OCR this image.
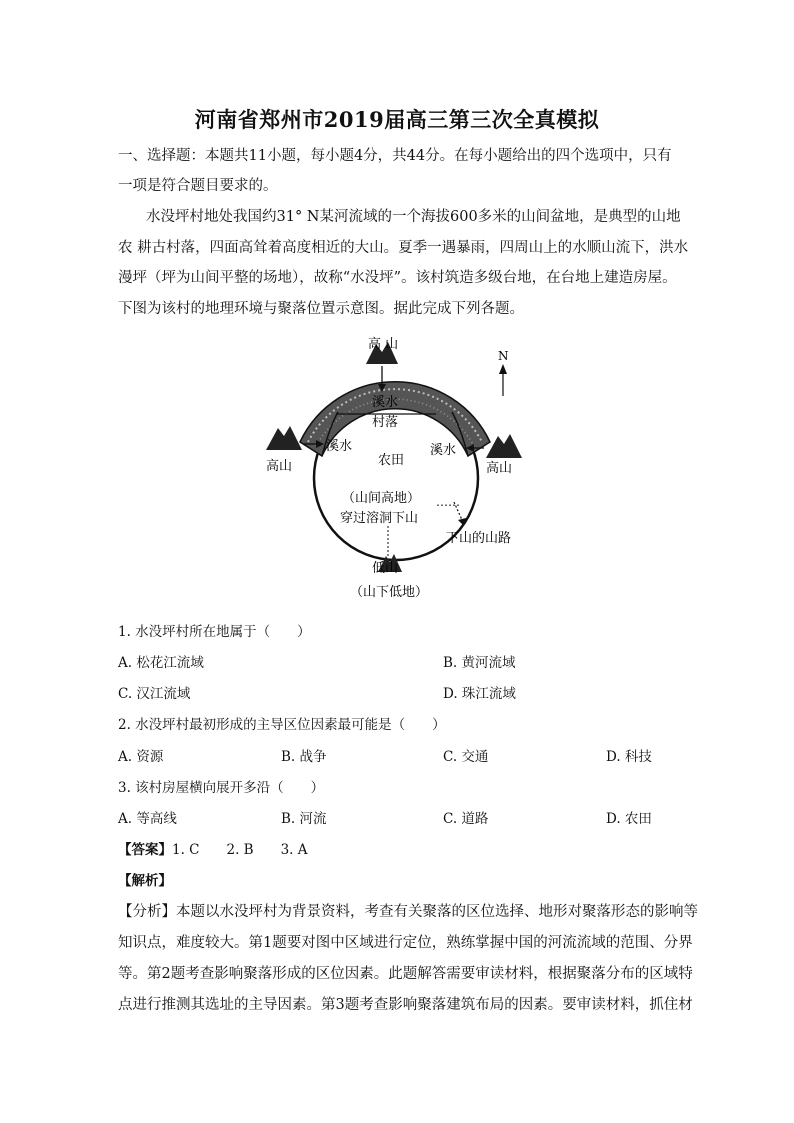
河南省郑州市2019届高三第三次全真模拟
一、选择题：本题共11小题，每小题4分，共44分。在每小题给出的四个选项中，只有
一项是符合题目要求的。
水没坪村地处我国约31° N某河流域的一个海拔600多米的山间盆地，是典型的山地
农 耕古村落，四面高耸着高度相近的大山。夏季一遇暴雨，四周山上的水顺山流下，洪水
漫坪（坪为山间平整的场地），故称“水没坪”。该村筑造多级台地，在台地上建造房屋。
下图为该村的地理环境与聚落位置示意图。据此完成下列各题。
高 山
溪水
村落
高山
溪水
农田
高山
溪水
（山间高地） ……
穿过溶洞下山
下山的山路
低山
（山下低地）
N
1. 水没坪村所在地属于（　　）
A. 松花江流域	B. 黄河流域
C. 汉江流域	D. 珠江流域
2. 水没坪村最初形成的主导区位因素最可能是（　　）
A. 资源	B. 战争	C. 交通	D. 科技
3. 该村房屋横向展开多沿（　　）
A. 等高线	B. 河流	C. 道路	D. 农田
【答案】1. C　　2. B　　3. A
【解析】
【分析】本题以水没坪村为背景资料，考查有关聚落的区位选择、地形对聚落形态的影响等
知识点，难度较大。第1题要对图中区域进行定位，熟练掌握中国的河流流域的范围、分界
等。第2题考查影响聚落形成的区位因素。此题解答需要审读材料，根据聚落分布的区域特
点进行推测其选址的主导因素。第3题考查影响聚落建筑布局的因素。要审读材料，抓住材
